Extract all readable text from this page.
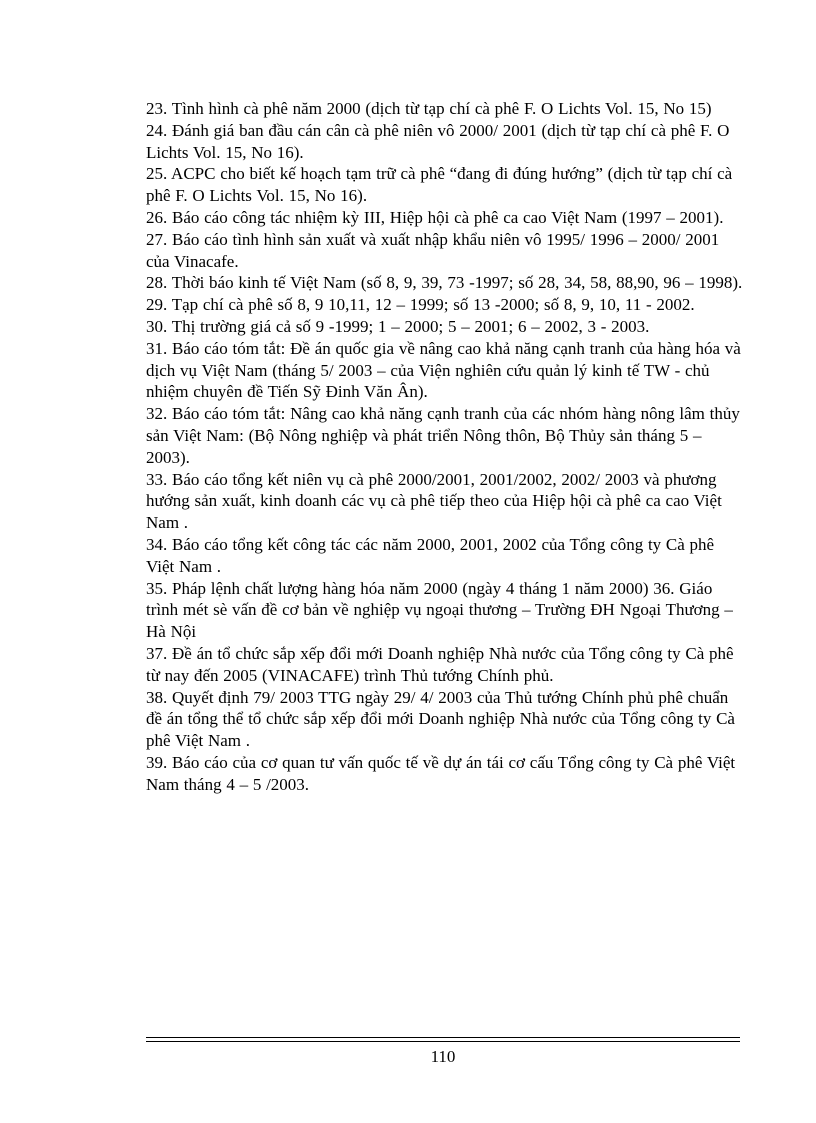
23. Tình hình cà phê năm 2000 (dịch từ tạp chí cà phê F. O Lichts Vol. 15, No 15)

24. Đánh giá ban đầu cán cân cà phê niên vô 2000/ 2001 (dịch từ tạp chí cà phê F. O Lichts Vol. 15, No 16).

25. ACPC cho biết kế hoạch tạm trữ cà phê “đang đi đúng hướng” (dịch từ tạp chí cà phê F. O Lichts Vol. 15, No 16).

26. Báo cáo công tác nhiệm kỳ III, Hiệp hội cà phê ca cao Việt Nam (1997 – 2001).

27. Báo cáo tình hình sản xuất và xuất nhập khẩu niên vô 1995/ 1996 – 2000/ 2001 của Vinacafe.

28. Thời báo kinh tế Việt Nam (số 8, 9, 39, 73 -1997; số 28, 34, 58, 88,90, 96 – 1998).

29. Tạp chí cà phê số 8, 9 10,11, 12 – 1999; số 13 -2000; số 8, 9, 10, 11 - 2002.

30. Thị trường giá cả số 9 -1999; 1 – 2000; 5 – 2001; 6 – 2002, 3 - 2003.

31. Báo cáo tóm tắt: Đề án quốc gia về nâng cao khả năng cạnh tranh của hàng hóa và dịch vụ Việt Nam (tháng 5/ 2003 – của Viện nghiên cứu quản lý kinh tế TW - chủ nhiệm chuyên đề Tiến Sỹ Đinh Văn Ân).

32. Báo cáo tóm tắt: Nâng cao khả năng cạnh tranh của các nhóm hàng nông lâm thủy sản Việt Nam: (Bộ Nông nghiệp và phát triển Nông thôn, Bộ Thủy sản tháng 5 – 2003).

33. Báo cáo tổng kết niên vụ cà phê 2000/2001, 2001/2002, 2002/ 2003 và phương hướng sản xuất, kinh doanh các vụ cà phê tiếp theo của Hiệp hội cà phê ca cao Việt Nam .

34. Báo cáo tổng kết công tác các năm 2000, 2001, 2002 của Tổng công ty Cà phê Việt Nam .

35. Pháp lệnh chất lượng hàng hóa năm 2000 (ngày 4 tháng 1 năm 2000) 36. Giáo trình mét sè vấn đề cơ bản về nghiệp vụ ngoại thương – Trường ĐH Ngoại Thương – Hà Nội

37. Đề án tổ chức sắp xếp đổi mới Doanh nghiệp Nhà nước của Tổng công ty Cà phê từ nay đến 2005 (VINACAFE) trình Thủ tướng Chính phủ.

38. Quyết định 79/ 2003 TTG ngày 29/ 4/ 2003 của Thủ tướng Chính phủ phê chuẩn đề án tổng thể tổ chức sắp xếp đổi mới Doanh nghiệp Nhà nước của Tổng công ty Cà phê Việt Nam .

39. Báo cáo của cơ quan tư vấn quốc tế về dự án tái cơ cấu Tổng công ty Cà phê Việt Nam tháng 4 – 5 /2003.

110
